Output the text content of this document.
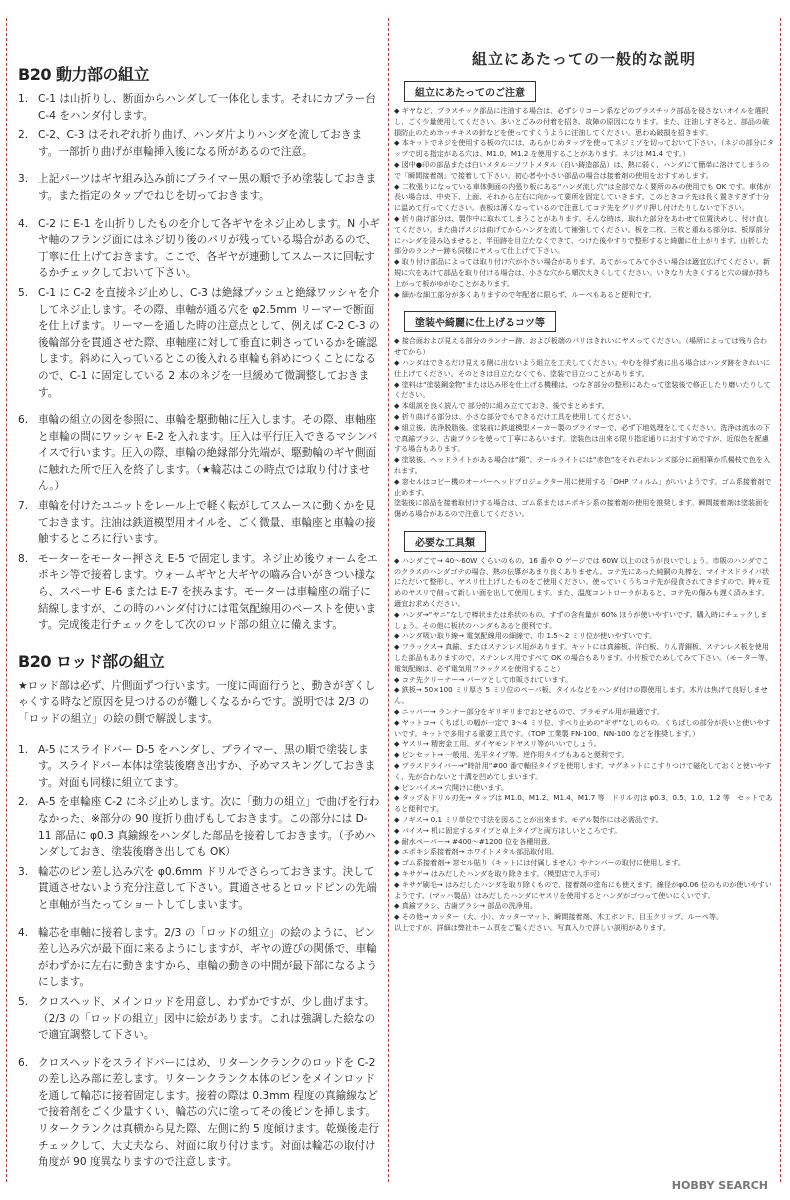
B20 動力部の組立
1. C-1 は山折りし、断面からハンダして一体化します。それにカプラー台 C-4 をハンダ付します。
2. C-2、C-3 はそれぞれ折り曲げ、ハンダ片よりハンダを流しておきます。一部折り曲げが車輪挿入後になる所があるので注意。
3. 上記パーツはギヤ組み込み前にプライマー黒の順で予め塗装しておきます。また指定のタップでねじを切っておきます。
4. C-2 に E-1 を山折りしたものを介して各ギヤをネジ止めします。N 小ギヤ軸のフランジ面にはネジ切り後のバリが残っている場合があるので、丁寧に仕上げておきます。ここで、各ギヤが連動してスムースに回転するかチェックしておいて下さい。
5. C-1 に C-2 を直接ネジ止めし、C-3 は絶縁ブッシュと絶縁ワッシャを介してネジ止します。その際、車軸が通る穴を φ2.5mm リーマーで断面を仕上げます。リーマーを通した時の注意点として、例えば C-2 C-3 の後輪部分を貫通させた際、車軸座に対して垂直に刺さっているかを確認します。斜めに入っているとこの後入れる車輪も斜めにつくことになるので、C-1 に固定している 2 本のネジを一旦緩めて微調整しておきます。
6. 車輪の組立の図を参照に、車輪を駆動軸に圧入します。その際、車軸座と車輪の間にワッシャ E-2 を入れます。圧入は平行圧入できるマシンバイスで行います。圧入の際、車輪の絶縁部分先端が、駆動輪のギヤ側面に触れた所で圧入を終了します。（★輪芯はこの時点では取り付けません。）
7. 車輪を付けたユニットをレール上で軽く転がしてスムースに動くかを見ておきます。注油は鉄道模型用オイルを、ごく微量、車輪座と車輪の接触するところに行います。
8. モーターをモーター押さえ E-5 で固定します。ネジ止め後ウォームをエポキシ等で接着します。ウォームギヤと大ギヤの嚙み合いがきつい様なら、スペーサ E-6 または E-7 を挟みます。モーターは車輪座の端子に結線しますが、この時のハンダ付けには電気配線用のペーストを使います。完成後走行チェックをして次のロッド部の組立に備えます。
B20 ロッド部の組立

★ロッド部は必ず、片側面ずつ行います。一度に両面行うと、動きがぎくしゃくする時など原因を見つけるのが難しくなるからです。説明では 2/3 の「ロッドの組立」の絵の側で解説します。

1. A-5 にスライドバー D-5 をハンダし、プライマー、黒の順で塗装します。スライドバー本体は塗装後磨き出すか、予めマスキングしておきます。対面も同様に組立てます。
2. A-5 を車輪座 C-2 にネジ止めします。次に「動力の組立」で曲げを行わなかった、※部分の 90 度折り曲げもしておきます。この部分には D-11 部品に φ0.3 真鍮線をハンダした部品を接着しておきます。（予めハンダしておき、塗装後磨き出しても OK）
3. 輪芯のピン差し込み穴を φ0.6mm ドリルでさらっておきます。決して貫通させないよう充分注意して下さい。貫通させるとロッドピンの先端と車軸が当たってショートしてしまいます。
4. 輪芯を車軸に接着します。2/3 の「ロッドの組立」の絵のように、ピン差し込み穴が最下面に来るようにしますが、ギヤの遊びの関係で、車輪がわずかに左右に動きますから、車輪の動きの中間が最下部になるようにします。
5. クロスヘッド、メインロッドを用意し、わずかですが、少し曲げます。（2/3 の「ロッドの組立」図中に絵があります。これは強調した絵なので適宜調整して下さい。
6. クロスヘッドをスライドバーにはめ、リターンクランクのロッドを C-2 の差し込み部に差します。リターンクランク本体のピンをメインロッドを通して輪芯に接着固定します。接着の際は 0.3mm 程度の真鍮線などで接着剤をごく少量すくい、輪芯の穴に塗ってその後ピンを挿します。リタークランクは真横から見た際、左側に約 5 度傾けます。乾燥後走行チェックして、大丈夫なら、対面に取り付けます。対面は輪芯の取付け角度が 90 度異なりますので注意します。
組立にあたっての一般的な説明
組立にあたってのご注意

◆ ギヤなど、プラスチック部品に注油する場合は、必ずシリコーン系などのプラスチック部品を侵さないオイルを選択し、ごく少量使用してください。多いとごみの付着を招き、故障の原因になります。また、注油しすぎると、部品の破損防止のためホッチキスの針などを使ってすくうように注油してください。思わぬ破損を招きます。

◆ 本キットでネジを使用する板の穴には、あらかじめタップを使ってネジミゾを切っておいて下さい。（ネジの部分にタップで切る指定がある穴は、M1.0、M1.2 を使用することがあります。ネジは M1.4 です。）

◆ 図中●印の部品または白いメタル＝ソフトメタル（白い鋳造部品）は、熱に弱く、ハンダにて簡単に溶けてしまうので「瞬間接着剤」で接着して下さい。初心者や小さい部品の場合は接着剤の使用をおすすめします。

◆ 二枚張りになっている車体側面の内張り板にある“ハンダ流し穴”は全部でなく要所のみの使用でも OK です。車体が長い場合は、中央下、上面、それから左右に向かって要所を固定していきます。このときコテ先は長く置きすぎず十分に温めて行ってください。表板は薄くなっているので注意してコテ先をグリグリ押し付けたりしないで下さい。

◆ 折り曲げ部分は、製作中に取れてしまうことがあります。そんな時は、取れた部分をあわせて位置決めし、付け直してください。また曲げスジは曲げてからハンダを流して補強してください。板を二枚、三枚と重ねる部分は、板厚部分にハンダを浸み込ませると、半田跡を目立たなくできて、つけた後やすりで整形すると綺麗に仕上がります。山折した部分のランナー跡も同様にヤスって仕上げて下さい。

◆ 取り付け部品によっては取り付け穴が小さい場合があります。あてがってみて小さい場合は適宜広げてください。新規に穴をあけて部品を取り付ける場合は、小さな穴から順次大きくしてください。いきなり大きくすると穴の縁が持ち上がって板がゆがむことがあります。

◆ 細かな細工部分が多くありますので年配者に限らず、ルーペもあると便利です。

塗装や綺麗に仕上げるコツ等

◆ 接合面および見える部分のランナー跡、および板端のバリはきれいにヤスってください。（場所によっては残り合わせてから）

◆ ハンダはできるだけ見える側に出ないよう組立を工夫してください。やむを得ず表に出る場合はハンダ跡をきれいに仕上げてください。そのときは目立たなくても、塗装で目立つことがあります。

◆ 塗料は“塗装鋼金物”または込み形を仕上げる機種は、つなぎ部分の整形にあたって塗装後で修正したり磨いたりしてください。

◆ 本組説を良く読んで 部分的に組み立てておき、後でまとめます。

◆ 折り曲げる部分は、小さな部分でもできるだけ工具を使用してください。

◆ 組立後、洗浄脱脂後、塗装前に鉄道模型メーカー製のプライマーで、必ず下地処理をしてください。洗浄は流水の下で真鍮ブラシ、古歯ブラシを使って丁寧にあらいます。塗装色は出来る限り指定通りにおすすめですが、近似色を配慮する場合もあります。

◆ 塗装後、ヘッドライトがある場合は“銀”、テールライトには“赤色”をそれぞれレンズ部分に面相筆か爪楊枝で色を入れます。

◆ 窓セルはコピー機のオーバーヘッドプロジェクター用に使用する「OHP フィルム」がいいようです。ゴム系接着剤で止めます。

塗装後に部品を接着取付けする場合は、ゴム系またはエポキシ系の接着剤の使用を推奨します。瞬間接着剤は塗装面を傷める場合があるので注意してください。

必要な工具類

◆ ハンダごて→ 40〜60W くらいのもの。16 番や O ゲージでは 60W 以上のほうが良いでしょう。市販のハンダでこのクラスのハンダゴテの場合、熱の伝導があまり良くありません。コテ先にあった純銅の丸棒を、マイナスドライバ状にただいて整形し、ヤスリ仕上げしたものをご使用ください。使っていくうちコテ先が侵食されてきますので、時々荒めのヤスリで削って新しい面を出して使用します。また、温度コントローラがあると、コテ先の傷みも遅く済みます。適宜お求めください。

◆ ハンダ→“ヤニ”なしで棒状または糸状のもの。すずの含有量が 60% ほうが使いやすいです。購入時にチェックしましょう。その他に板状のハンダもあると便利です。

◆ ハンダ吸い取り線→ 電気配線用の細線で、巾 1.5〜2 ミリ位が使いやすいです。

◆ フラックス→ 真鍮、またはステンレス用があります。キットには真鍮板、洋白板、りん青銅板、ステンレス板を使用した部品もありますので、ステンレス用ですべて OK の場合もあります。小片板でためしてみて下さい。（モーター等、電気配線は、必ず電気用フラックスを使用すること）

◆ コテ先クリーナー→ パーツとして市販されています。

◆ 鉄板→ 50×100 ミリ厚さ 5 ミリ位のペーパ板、タイルなどをハンダ付けの際使用します。木片は焦げて良好しません。

◆ ニッパー→ ランナー部分をギリギリまでおとせるので、プラモデル用が最適です。

◆ ヤットコ→ くちばしの幅が一定で 3〜4 ミリ位、すべり止めの“ギザ”なしのもの。くちばしの部分が長いと使いやすいです。キットで多用する重要工具です。（TOP 工業製 FN-100、NN-100 などを推奨します。）

◆ ヤスリ→ 精密金工用、ダイヤモンドヤスリ等がいいでしょう。

◆ ピンセット→ 一般用、先平タイプ等。逆作用タイプもあると便利です。

◆ プラスドライバー→“時計用”#00 番で軸径タイプを使用します。マグネットにこすりつけて磁化しておくと使いやすく、先が合わないと十溝を凹めてしまいます。

◆ ピンバイス→ 穴開けに使います。

◆ タップ＆ドリル刃先→ タップは M1.0、M1.2、M1.4、M1.7 等　ドリル刃は φ0.3、0.5、1.0、1.2 等　セットであると便利です。

◆ ノギス→ 0.1 ミリ単位で寸法を図ることが出来ます。モデル製作には必需品です。

◆ バイス→ 机に固定するタイプと卓上タイプと両方ほしいところです。

◆ 耐水ペーパー→ #400〜#1200 位を各種用意。

◆ エポキシ系接着剤→ ホワイトメタル部品取付用。

◆ ゴム系接着剤→ 窓セル貼り（キットには付属しません）やナンバーの取付に使用します。

◆ キサゲ→ はみだしたハンダを取り除きます。（模型店で入手可）

◆ キサゲ刷毛→ はみだしたハンダを取り除くもので、接着剤の塗布にも使えます。線径がφ0.06 位のものが使いやすいようです。（マッハ製品）はみだしたハンダにヤスリを使用するとハンダがゴつって使いにくいです。

◆ 真鍮ブラシ、古歯ブラシ→ 部品の洗浄用。

◆ その他→ カッター（大、小）、カッターマット、瞬間接着剤、木工ボンド、目玉クリップ、ルーペ等。

以上ですが、詳細は弊社ホーム頁をご覧ください。写真入りで詳しい説明があります。

HOBBY SEARCH
